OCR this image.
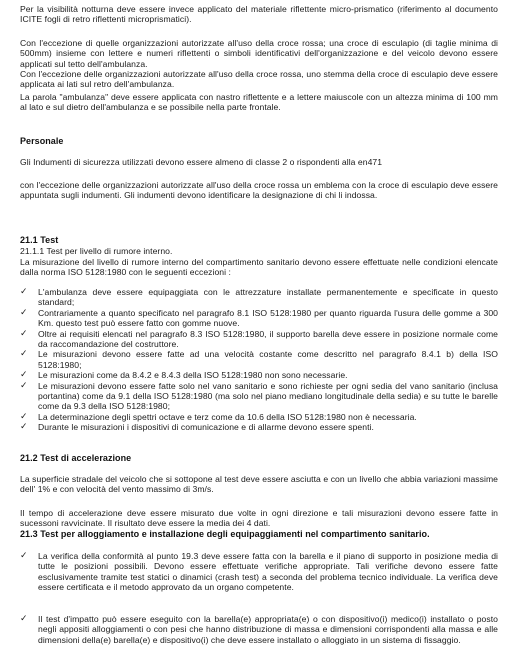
Per la visibilità notturna deve essere invece applicato del materiale riflettente micro-prismatico (riferimento al documento ICITE fogli di retro riflettenti microprismatici).

Con l'eccezione di quelle organizzazioni autorizzate all'uso della croce rossa; una croce di esculapio (di taglie minima di 500mm) insieme con lettere e numeri riflettenti o simboli identificativi dell'organizzazione e del veicolo devono essere applicati sul tetto dell'ambulanza.

Con l'eccezione delle organizzazioni autorizzate all'uso della croce rossa, uno stemma della croce di esculapio deve essere applicata ai lati sul retro dell'ambulanza.

La parola "ambulanza" deve essere applicata con nastro riflettente e a lettere maiuscole con un altezza minima di 100 mm al lato e sul dietro dell'ambulanza e se possibile nella parte frontale.

Personale

Gli Indumenti di sicurezza utilizzati devono essere almeno di classe 2 o rispondenti alla en471

con l'eccezione delle organizzazioni autorizzate all'uso della croce rossa un emblema con la croce di esculapio deve essere appuntata sugli indumenti. Gli indumenti devono identificare la designazione di chi li indossa.

21.1 Test

21.1.1 Test per livello di rumore interno.

La misurazione del livello di rumore interno del compartimento sanitario devono essere effettuate nelle condizioni elencate dalla norma ISO 5128:1980 con le seguenti eccezioni :

✓ L'ambulanza deve essere equipaggiata con le attrezzature installate permanentemente e specificate in questo standard;
✓ Contrariamente a quanto specificato nel paragrafo 8.1 ISO 5128:1980 per quanto riguarda l'usura delle gomme a 300 Km. questo test può essere fatto con gomme nuove.
✓ Oltre ai requisiti elencati nel paragrafo 8.3 ISO 5128:1980, il supporto barella deve essere in posizione normale come da raccomandazione del costruttore.
✓ Le misurazioni devono essere fatte ad una velocità costante come descritto nel paragrafo 8.4.1 b) della ISO 5128:1980;
✓ Le misurazioni come da 8.4.2 e 8.4.3 della ISO 5128:1980 non sono necessarie.
✓ Le misurazioni devono essere fatte solo nel vano sanitario e sono richieste per ogni sedia del vano sanitario (inclusa portantina) come da 9.1 della ISO 5128:1980 (ma solo nel piano mediano longitudinale della sedia) e su tutte le barelle come da 9.3 della ISO 5128:1980;
✓ La determinazione degli spettri octave e terz come da 10.6 della ISO 5128:1980 non è necessaria.
✓ Durante le misurazioni i dispositivi di comunicazione e di allarme devono essere spenti.
21.2 Test di accelerazione

La superficie stradale del veicolo che si sottopone al test deve essere asciutta e con un livello che abbia variazioni massime dell' 1% e con velocità del vento massimo di 3m/s.

Il tempo di accelerazione deve essere misurato due volte in ogni direzione e tali misurazioni devono essere fatte in sucessoni ravvicinate. Il risultato deve essere la media dei 4 dati.

21.3 Test per alloggiamento e installazione degli equipaggiamenti nel compartimento sanitario.
✓ La verifica della conformità al punto 19.3 deve essere fatta con la barella e il piano di supporto in posizione media di tutte le posizioni possibili. Devono essere effettuate verifiche appropriate. Tali verifiche devono essere fatte esclusivamente tramite test statici o dinamici (crash test) a seconda del problema tecnico individuale. La verifica deve essere certificata e il metodo approvato da un organo competente.
✓ Il test d'impatto può essere eseguito con la barella(e) appropriata(e) o con dispositivo(i) medico(i) installato o posto negli appositi alloggiamenti o con pesi che hanno distribuzione di massa e dimensioni corrispondenti alla massa e alle dimensioni della(e) barella(e) e dispositivo(i) che deve essere installato o alloggiato in un sistema di fissaggio.
